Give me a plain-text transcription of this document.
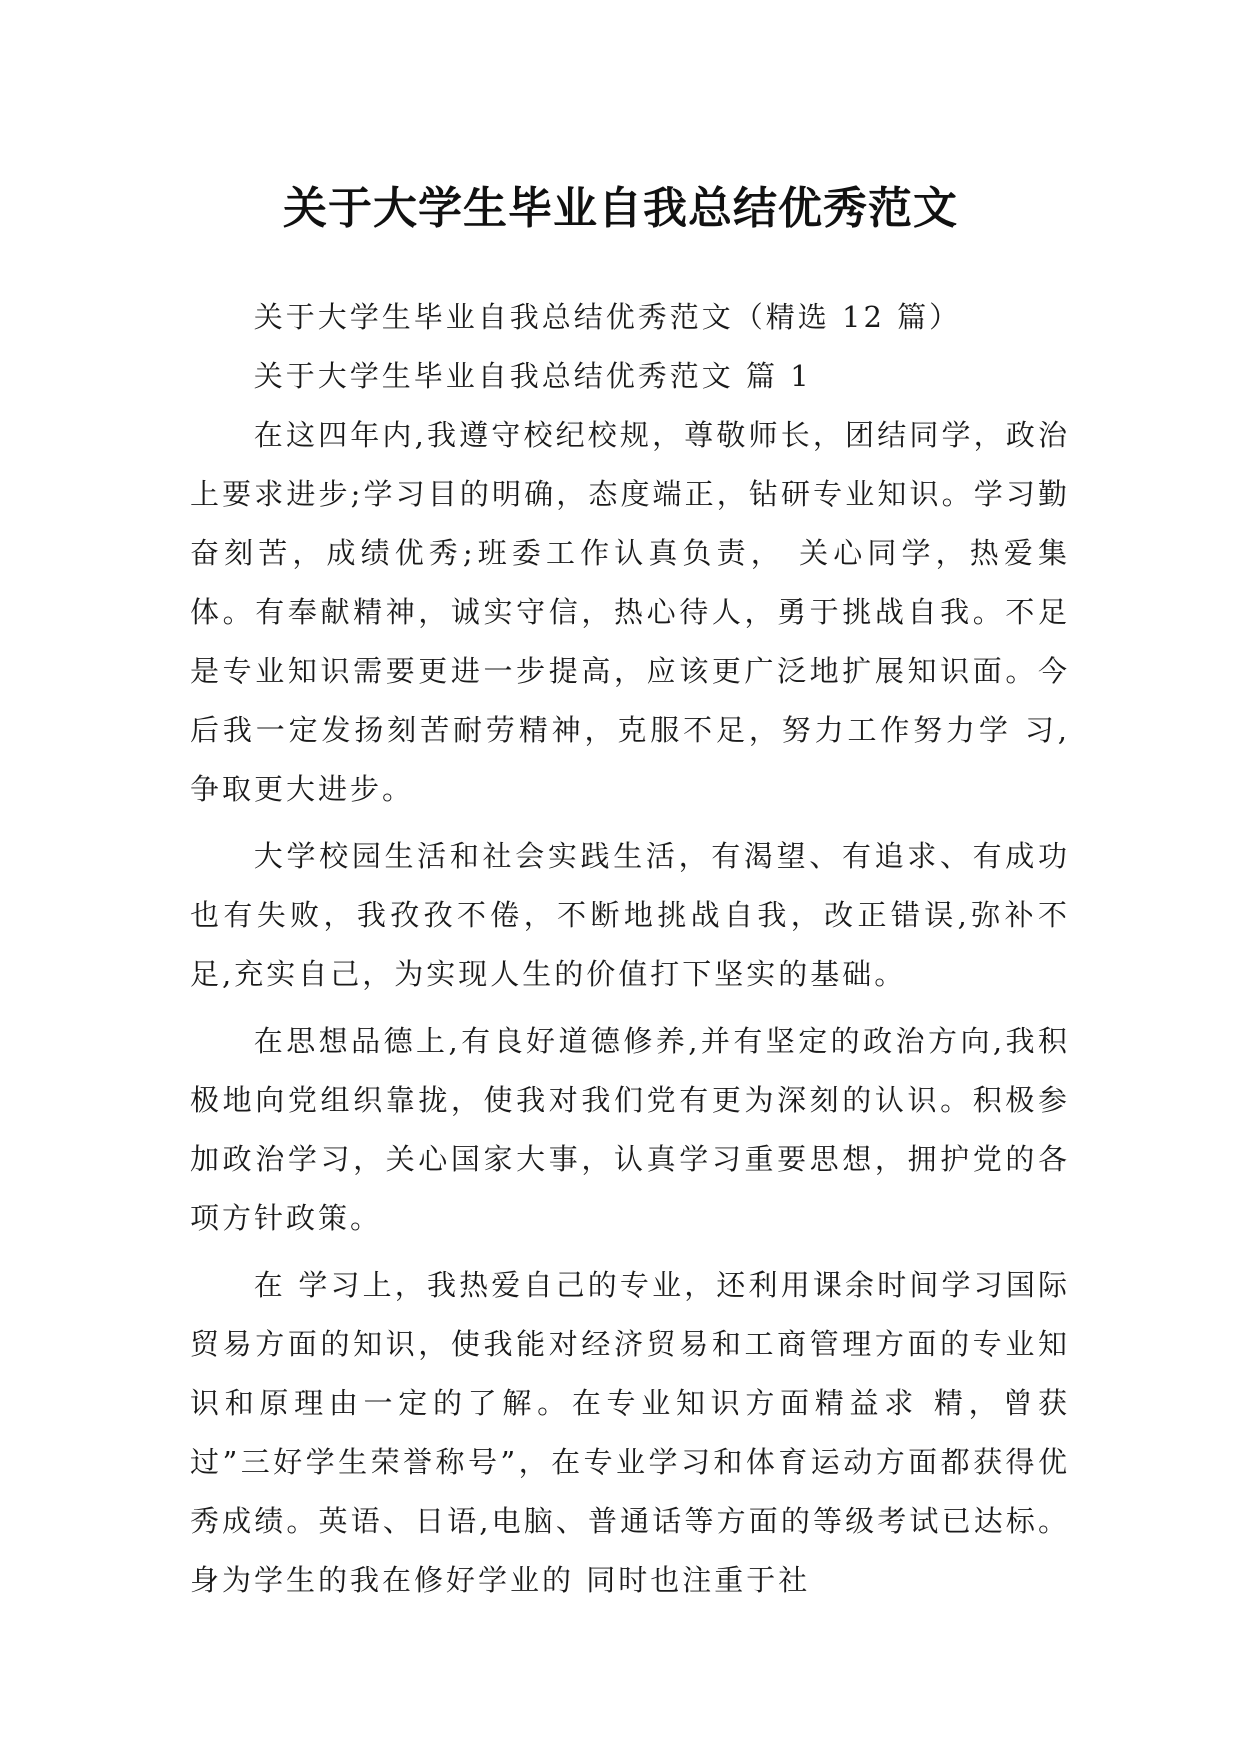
关于大学生毕业自我总结优秀范文

关于大学生毕业自我总结优秀范文（精选 12 篇）

关于大学生毕业自我总结优秀范文 篇 1

在这四年内,我遵守校纪校规，尊敬师长，团结同学，政治上要求进步;学习目的明确，态度端正，钻研专业知识。学习勤奋刻苦，成绩优秀;班委工作认真负责， 关心同学，热爱集体。有奉献精神，诚实守信，热心待人，勇于挑战自我。不足是专业知识需要更进一步提高，应该更广泛地扩展知识面。今后我一定发扬刻苦耐劳精神，克服不足，努力工作努力学 习,争取更大进步。

大学校园生活和社会实践生活，有渴望、有追求、有成功也有失败，我孜孜不倦，不断地挑战自我，改正错误,弥补不足,充实自己，为实现人生的价值打下坚实的基础。

在思想品德上,有良好道德修养,并有坚定的政治方向,我积极地向党组织靠拢，使我对我们党有更为深刻的认识。积极参加政治学习，关心国家大事，认真学习重要思想，拥护党的各项方针政策。

在 学习上，我热爱自己的专业，还利用课余时间学习国际贸易方面的知识，使我能对经济贸易和工商管理方面的专业知识和原理由一定的了解。在专业知识方面精益求 精，曾获过”三好学生荣誉称号”，在专业学习和体育运动方面都获得优秀成绩。英语、日语,电脑、普通话等方面的等级考试已达标。身为学生的我在修好学业的 同时也注重于社
